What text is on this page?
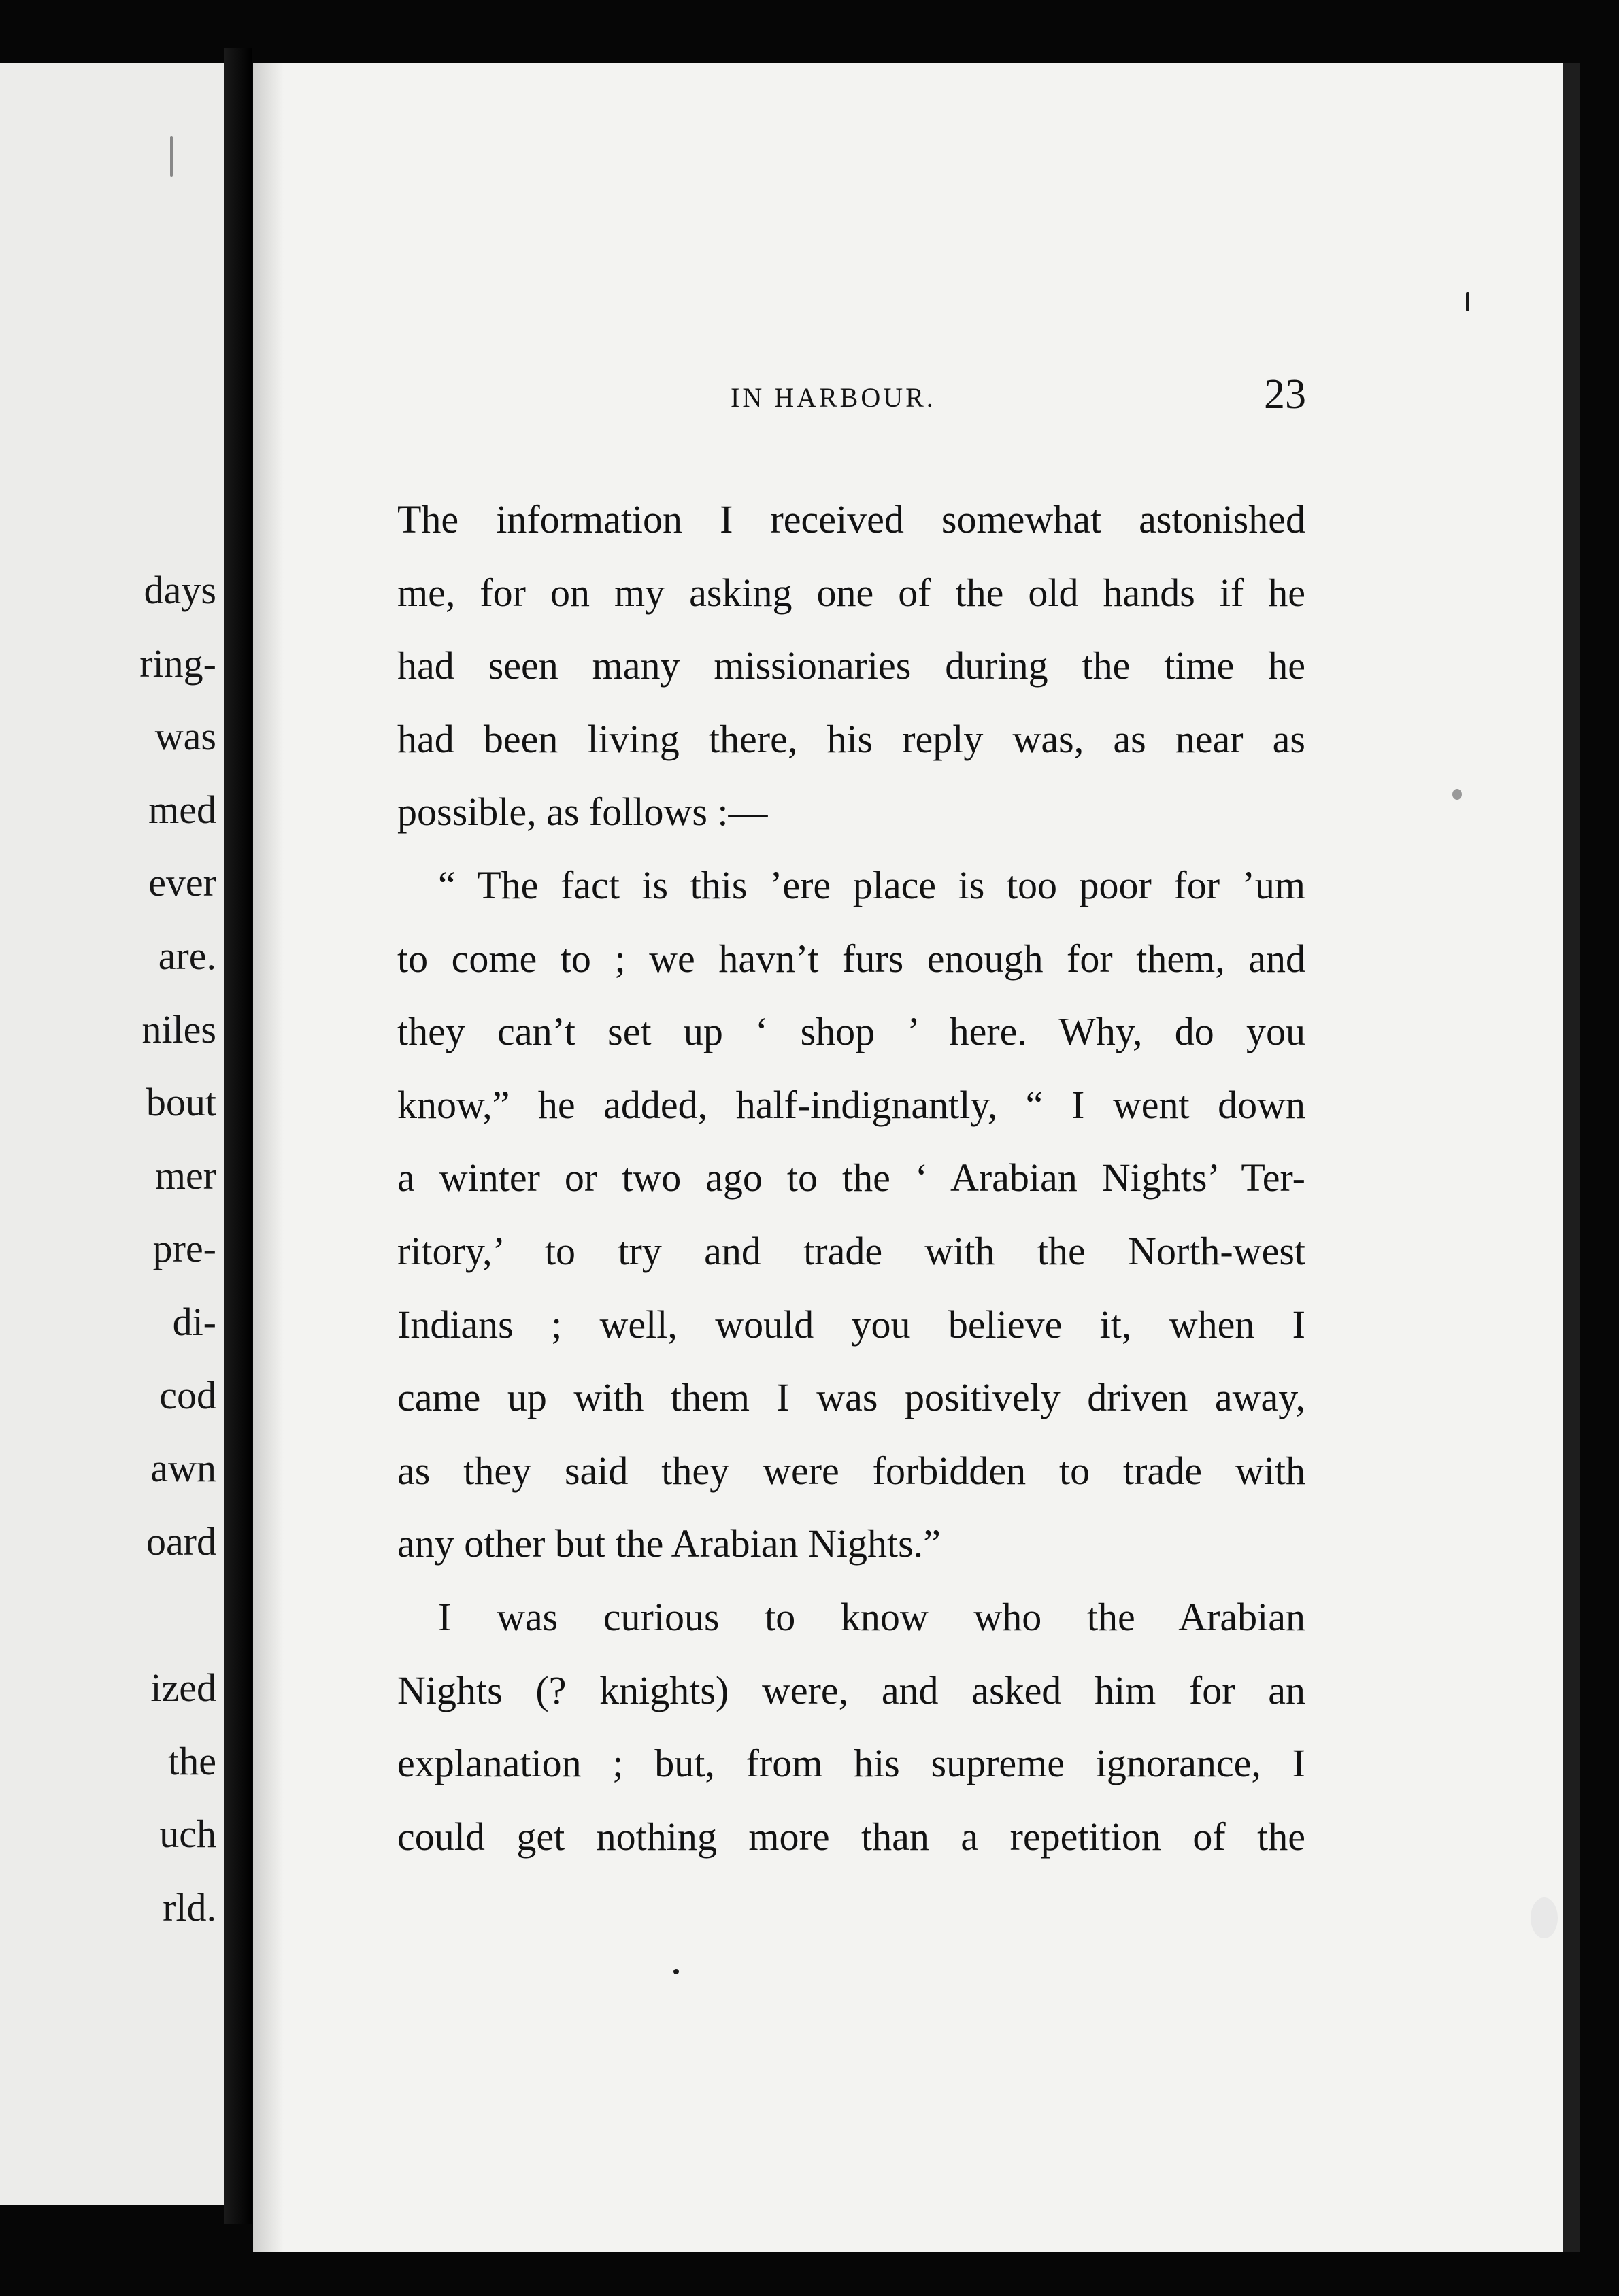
days
ring-
was
med
ever
are.
niles
bout
mer
pre-
di-
cod
awn
oard
ized
the
uch
rld.
IN HARBOUR.	23
The information I received somewhat astonished
me, for on my asking one of the old hands if he
had seen many missionaries during the time he
had been living there, his reply was, as near as
possible, as follows :—
“ The fact is this ’ere place is too poor for ’um
to come to ; we havn’t furs enough for them, and
they can’t set up ‘ shop ’ here. Why, do you
know,” he added, half-indignantly, “ I went down
a winter or two ago to the ‘ Arabian Nights’ Ter-
ritory,’ to try and trade with the North-west
Indians ; well, would you believe it, when I
came up with them I was positively driven away,
as they said they were forbidden to trade with
any other but the Arabian Nights.”
I was curious to know who the Arabian
Nights (? knights) were, and asked him for an
explanation ; but, from his supreme ignorance, I
could get nothing more than a repetition of the
